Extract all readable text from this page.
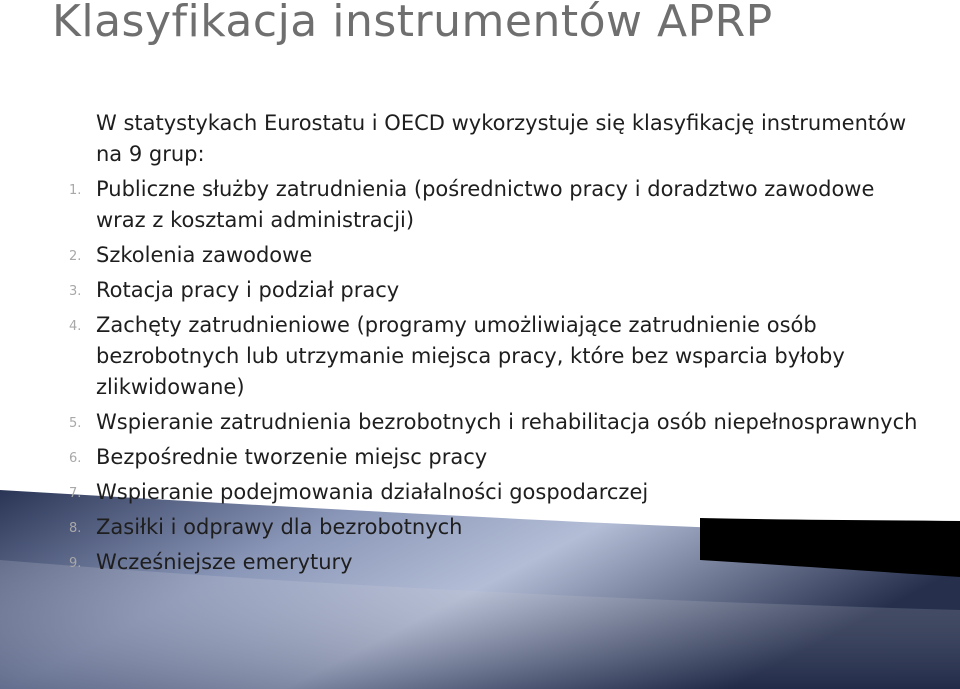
Klasyfikacja instrumentów APRP

W statystykach Eurostatu i OECD wykorzystuje się klasyfikację instrumentów na 9 grup:

1. Publiczne służby zatrudnienia (pośrednictwo pracy i doradztwo zawodowe wraz z kosztami administracji)
2. Szkolenia zawodowe
3. Rotacja pracy i podział pracy
4. Zachęty zatrudnieniowe (programy umożliwiające zatrudnienie osób bezrobotnych lub utrzymanie miejsca pracy, które bez wsparcia byłoby zlikwidowane)
5. Wspieranie zatrudnienia bezrobotnych i rehabilitacja osób niepełnosprawnych
6. Bezpośrednie tworzenie miejsc pracy
7. Wspieranie podejmowania działalności gospodarczej
8. Zasiłki i odprawy dla bezrobotnych
9. Wcześniejsze emerytury
